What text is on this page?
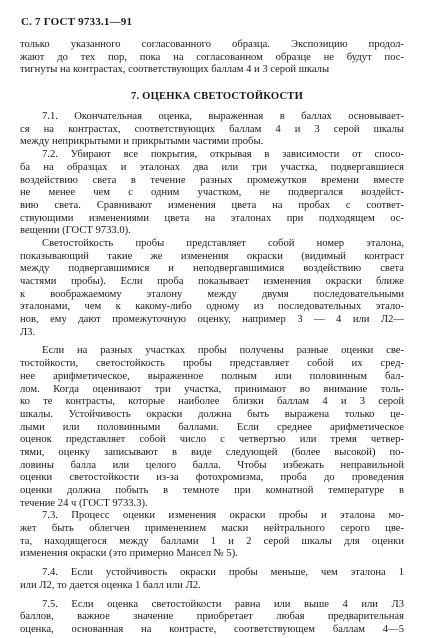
С. 7 ГОСТ 9733.1—91
только указанного согласованного образца. Экспозицию продол-
жают до тех пор, пока на согласованном образце не будут пос-
тигнуты на контрастах, соответствующих баллам 4 и 3 серой шкалы
7. ОЦЕНКА СВЕТОСТОЙКОСТИ
7.1. Окончательная оценка, выраженная в баллах основывает-
ся на контрастах, соответствующих баллам 4 и 3 серой шкалы
между неприкрытыми и прикрытыми частями пробы.
7.2. Убирают все покрытия, открывая в зависимости от спосо-
ба на образцах и эталонах два или три участка, подвергавшиеся
воздействию света в течение разных промежутков времени вместе
не менее чем с одним участком, не подвергался воздейст-
вию света. Сравнивают изменения цвета на пробах с соответ-
ствующими изменениями цвета на эталонах при подходящем ос-
вещении (ГОСТ 9733.0).
Светостойкость пробы представляет собой номер эталона,
показывающий такие же изменения окраски (видимый контраст
между подвергавшимися и неподвергавшимися воздействию света
частями пробы). Если проба показывает изменения окраски ближе
к воображаемому эталону между двумя последовательными
эталонами, чем к какому-либо одному из последовательных этало-
нов, ему дают промежуточную оценку, например 3 — 4 или Л2—
Л3.
Если на разных участках пробы получены разные оценки све-
тостойкости, светостойкость пробы представляет собой их сред-
нее арифметическое, выраженное полным или половинным бал-
лом. Когда оценивают три участка, принимают во внимание толь-
ко те контрасты, которые наиболее близки баллам 4 и 3 серой
шкалы. Устойчивость окраски должна быть выражена только це-
лыми или половинными баллами. Если среднее арифметическое
оценок представляет собой число с четвертью или тремя четвер-
тями, оценку записывают в виде следующей (более высокой) по-
ловины балла или целого балла. Чтобы избежать неправильной
оценки светостойкости из-за фотохромизма, проба до проведения
оценки должна побыть в темноте при комнатной температуре в
течение 24 ч (ГОСТ 9733.3).
7.3. Процесс оценки изменения окраски пробы и эталона мо-
жет быть облегчен применением маски нейтрального серого цве-
та, находящегося между баллами 1 и 2 серой шкалы для оценки
изменения окраски (это примерно Мансел № 5).
7.4. Если устойчивость окраски пробы меньше, чем эталона 1
или Л2, то дается оценка 1 балл или Л2.
7.5. Если оценка светостойкости равна или выше 4 или Л3
баллов, важное значение приобретает любая предварительная
оценка, основанная на контрасте, соответствующем баллам 4—5
